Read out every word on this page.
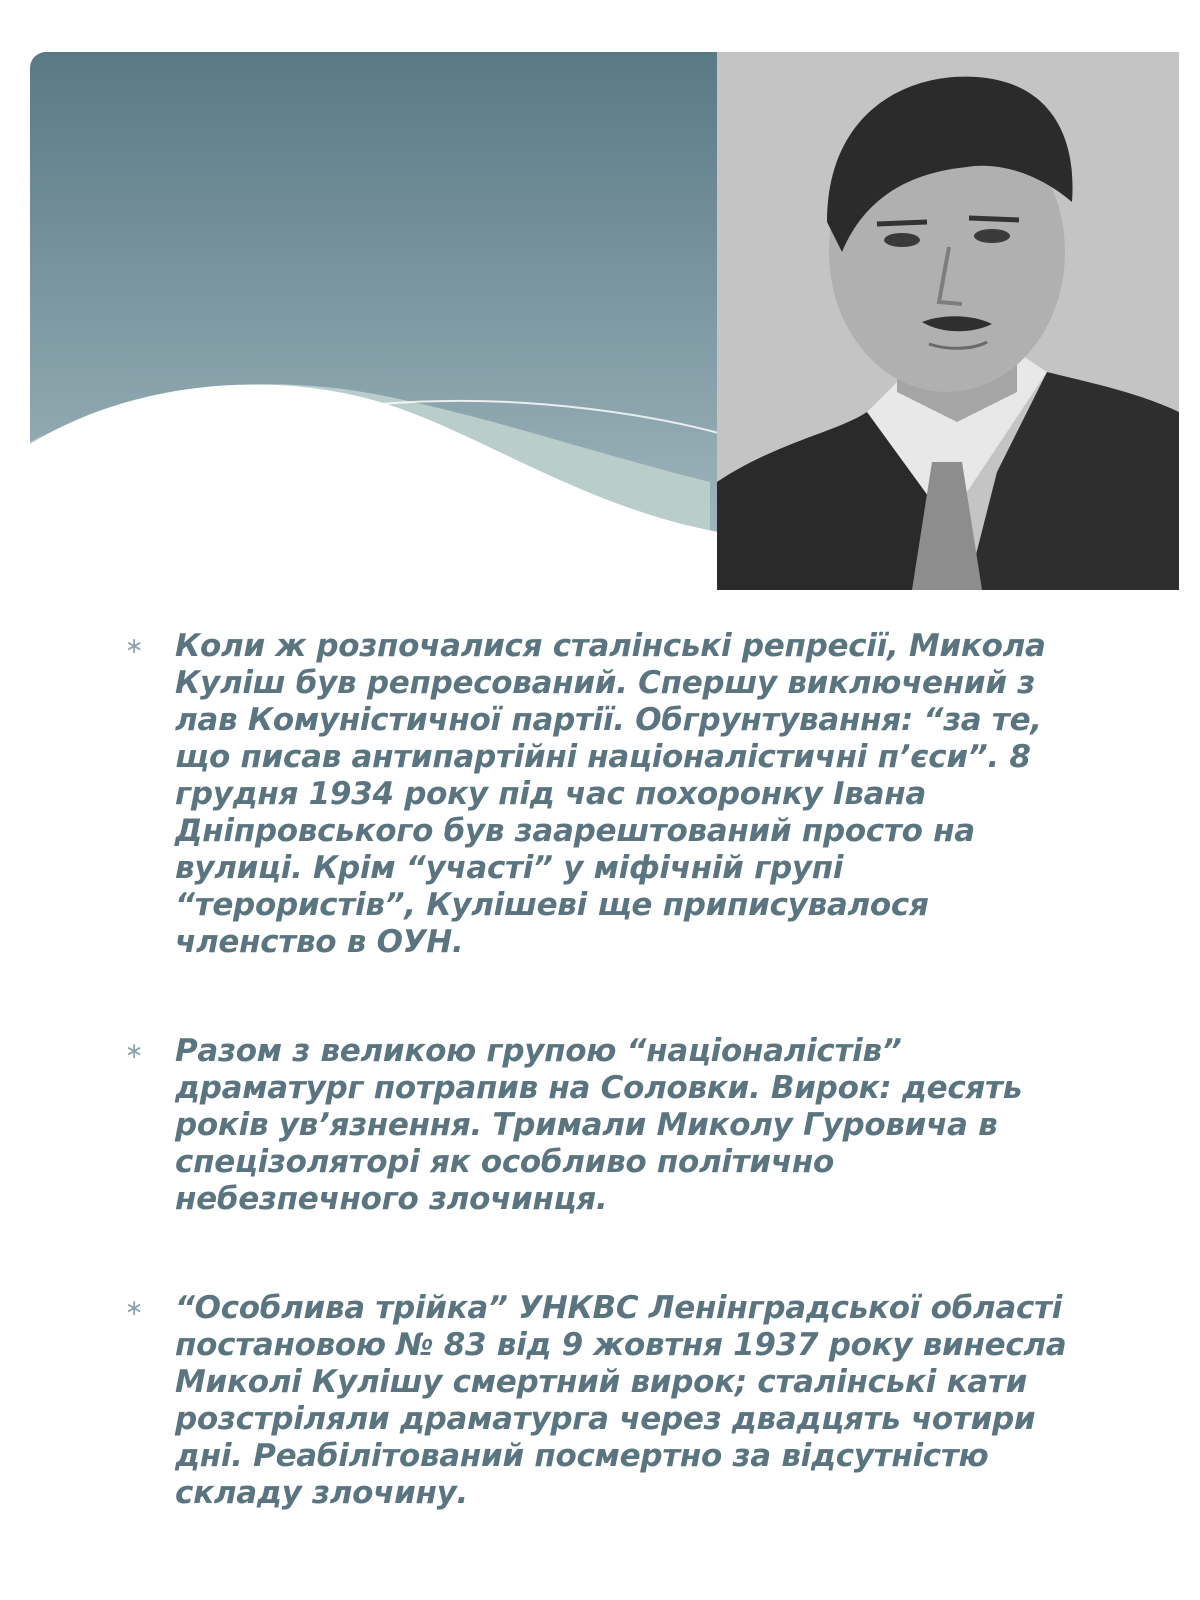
∗ Коли ж розпочалися сталінські репресії, Микола Куліш був репресований. Спершу виключений з лав Комуністичної партії. Обгрунтування: “за те, що писав антипартійні націоналістичні п’єси”. 8 грудня 1934 року під час похоронку Івана Дніпровського був заарештований просто на вулиці. Крім “участі” у міфічній групі “терористів”, Кулішеві ще приписувалося членство в ОУН.
∗ Разом з великою групою “націоналістів” драматург потрапив на Соловки. Вирок: десять років ув’язнення. Тримали Миколу Гуровича в спецізоляторі як особливо політично небезпечного злочинця.
∗ “Особлива трійка” УНКВС Ленінградської області постановою № 83 від 9 жовтня 1937 року винесла Миколі Кулішу смертний вирок; сталінські кати розстріляли драматурга через двадцять чотири дні. Реабілітований посмертно за відсутністю складу злочину.
